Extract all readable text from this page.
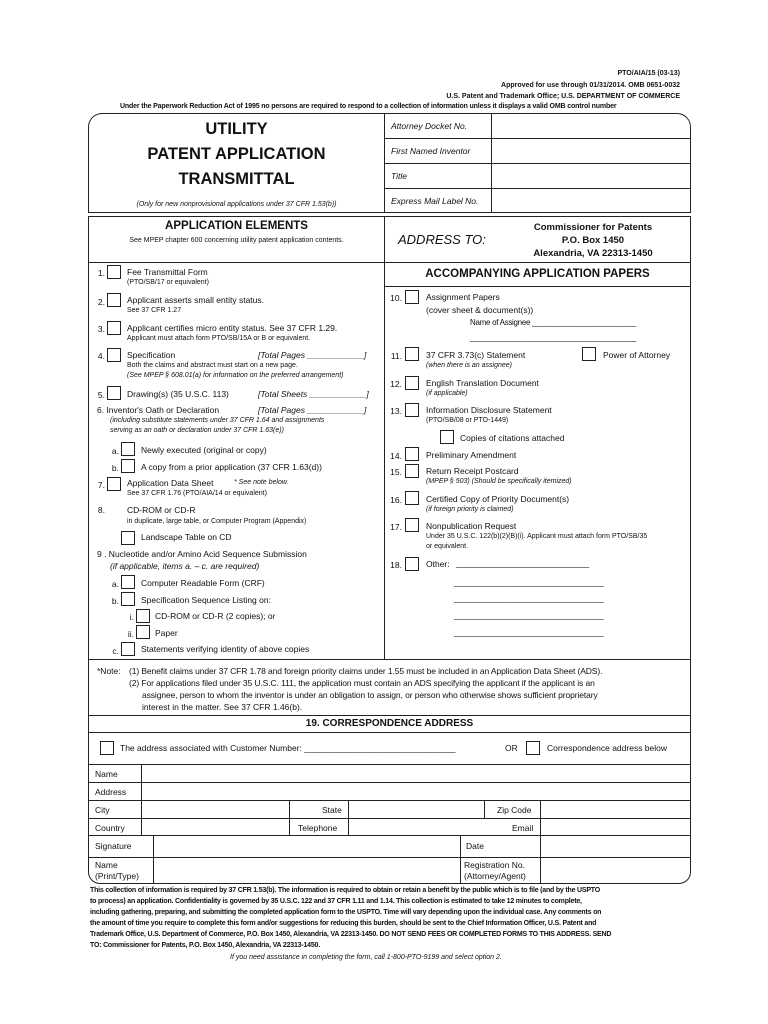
PTO/AIA/15 (03-13)
Approved for use through 01/31/2014. OMB 0651-0032
U.S. Patent and Trademark Office; U.S. DEPARTMENT OF COMMERCE
Under the Paperwork Reduction Act of 1995 no persons are required to respond to a collection of information unless it displays a valid OMB control number
UTILITY
PATENT APPLICATION
TRANSMITTAL
(Only for new nonprovisional applications under 37 CFR 1.53(b))
Attorney Docket No.
First Named Inventor
Title
Express Mail Label No.
APPLICATION ELEMENTS
See MPEP chapter 600 concerning utility patent application contents.	ADDRESS TO:
Commissioner for Patents
P.O. Box 1450
Alexandria, VA 22313-1450
ACCOMPANYING APPLICATION PAPERS
1.	Fee Transmittal Form
(PTO/SB/17 or equivalent)
2.	Applicant asserts small entity status.
See 37 CFR 1.27
3.	Applicant certifies micro entity status. See 37 CFR 1.29.
Applicant must attach form PTO/SB/15A or B or equivalent.
4.	Specification	[Total Pages ____________]
Both the claims and abstract must start on a new page.
(See MPEP § 608.01(a) for information on the preferred arrangement)
5.	Drawing(s) (35 U.S.C. 113)	[Total Sheets ____________]
6. Inventor's Oath or Declaration	[Total Pages ____________]
(including substitute statements under 37 CFR 1.64 and assignments
serving as an oath or declaration under 37 CFR 1.63(e))
a.	Newly executed (original or copy)
b.	A copy from a prior application (37 CFR 1.63(d))
7.	Application Data Sheet	* See note below.
See 37 CFR 1.76 (PTO/AIA/14 or equivalent)
8.	CD-ROM or CD-R
in duplicate, large table, or Computer Program (Appendix)
Landscape Table on CD
9 . Nucleotide and/or Amino Acid Sequence Submission
(if applicable, items a. – c. are required)
a.	Computer Readable Form (CRF)
b.	Specification Sequence Listing on:
i. CD-ROM or CD-R (2 copies); or
ii. Paper
c.	Statements verifying identity of above copies
10.	Assignment Papers
(cover sheet & document(s))
Name of Assignee _________________________
________________________________________
11.	37 CFR 3.73(c) Statement
(when there is an assignee)
Power of Attorney
12.	English Translation Document
(if applicable)
13.	Information Disclosure Statement
(PTO/SB/08 or PTO-1449)
Copies of citations attached
14.	Preliminary Amendment
15.	Return Receipt Postcard
(MPEP § 503) (Should be specifically itemized)
16.	Certified Copy of Priority Document(s)
(if foreign priority is claimed)
17.	Nonpublication Request
Under 35 U.S.C. 122(b)(2)(B)(i). Applicant must attach form PTO/SB/35
or equivalent.
18.	Other: ________________________________
____________________________________
____________________________________
____________________________________
____________________________________
*Note: (1) Benefit claims under 37 CFR 1.78 and foreign priority claims under 1.55 must be included in an Application Data Sheet (ADS).
(2) For applications filed under 35 U.S.C. 111, the application must contain an ADS specifying the applicant if the applicant is an
assignee, person to whom the inventor is under an obligation to assign, or person who otherwise shows sufficient proprietary
interest in the matter. See 37 CFR 1.46(b).
19. CORRESPONDENCE ADDRESS
The address associated with Customer Number: ________________________________	OR	Correspondence address below
Name
Address
City	State	Zip Code
Country	Telephone	Email
Signature	Date
Name
(Print/Type)
Registration No.
(Attorney/Agent)
This collection of information is required by 37 CFR 1.53(b). The information is required to obtain or retain a benefit by the public which is to file (and by the USPTO
to process) an application. Confidentiality is governed by 35 U.S.C. 122 and 37 CFR 1.11 and 1.14. This collection is estimated to take 12 minutes to complete,
including gathering, preparing, and submitting the completed application form to the USPTO. Time will vary depending upon the individual case. Any comments on
the amount of time you require to complete this form and/or suggestions for reducing this burden, should be sent to the Chief Information Officer, U.S. Patent and
Trademark Office, U.S. Department of Commerce, P.O. Box 1450, Alexandria, VA 22313-1450. DO NOT SEND FEES OR COMPLETED FORMS TO THIS ADDRESS. SEND
TO: Commissioner for Patents, P.O. Box 1450, Alexandria, VA 22313-1450.
If you need assistance in completing the form, call 1-800-PTO-9199 and select option 2.
